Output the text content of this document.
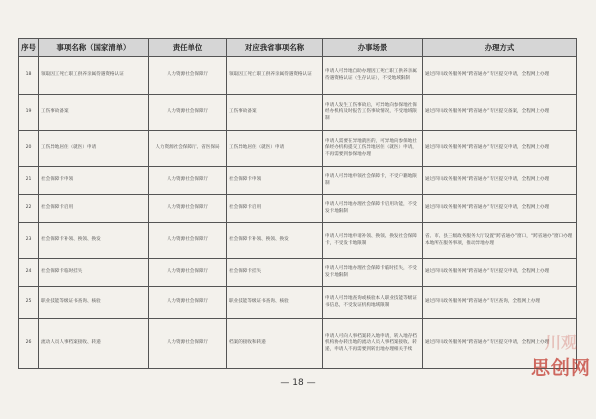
序号	事项名称（国家清单）	责任单位	对应我省事项名称	办事场景	办理方式
18	领取因工死亡职工供养亲属待遇资格认证	人力资源社会保障厅	领取因工死亡职工供养亲属待遇资格认证	申请人可异地自助办理因工死亡职工供养亲属待遇资格认证（生存认证），不受地域限制	通过四川政务服务网“跨省通办”专区提交申请，全程网上办理
19	工伤事故备案	人力资源社会保障厅	工伤事故备案	申请人发生工伤事故后，可异地向参保地社保经办机构及时报告工伤事故情况，不受地域限制	通过四川政务服务网“跨省通办”专区提交备案，全程网上办理
20	工伤异地居住（就医）申请	人力资源社会保障厅、省医保局	工伤异地居住（就医）申请	申请人需要在异地就医的，可异地向参保地社保经办机构提交工伤异地居住（就医）申请，不再需要到参保地办理	通过四川政务服务网“跨省通办”专区提交申请，全程网上办理
21	社会保障卡申领	人力资源社会保障厅	社会保障卡申领	申请人可异地申领社会保障卡，不受户籍地限制	通过四川政务服务网“跨省通办”专区提交申请，全程网上办理
22	社会保障卡启用	人力资源社会保障厅	社会保障卡启用	申请人可异地办理社会保障卡启用功能，不受发卡地限制	通过四川政务服务网“跨省通办”专区提交申请，全程网上办理
23	社会保障卡补领、换领、换发	人力资源社会保障厅	社会保障卡补领、换领、换发	申请人可异地申请补领、换领、换发社会保障卡，不受发卡地限制	省、市、县三级政务服务大厅设置“跨省通办”窗口，“跨省通办”窗口办理本地所在服务事项，推动异地办理
24	社会保障卡临时挂失	人力资源社会保障厅	社会保障卡挂失	申请人可异地办理社会保障卡临时挂失，不受发卡地限制	通过四川政务服务网“跨省通办”专区提交申请，全程网上办理
25	职业技能等级证书查询、核验	人力资源社会保障厅	职业技能等级证书查询、核验	申请人可异地查询或核验本人职业技能等级证书信息，不受发证机构地域限制	通过四川政务服务网“跨省通办”专区查询，全程网上办理
26	流动人员人事档案接收、转递	人力资源社会保障厅	档案的接收和转递	申请人可向人事档案转入地申请，转入地存档机构协办转出地的流动人员人事档案接收、转递，申请人不再需要到转出地办理相关手续	通过四川政务服务网“跨省通办”专区提交申请，全程网上办理
— 18 —
川观
思创网
